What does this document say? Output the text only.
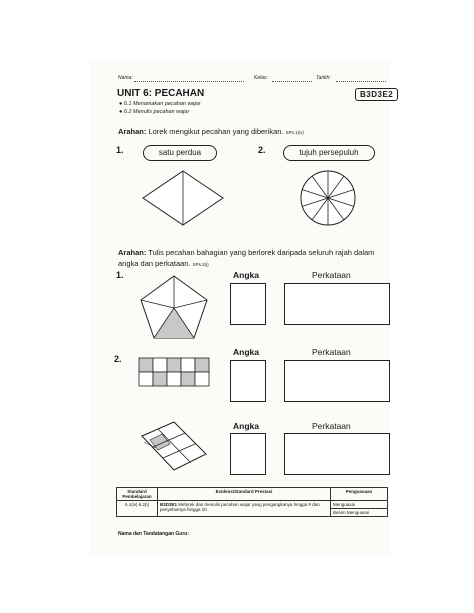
Nama:	Kelas:	Tarikh:
UNIT 6: PECAHAN	B3D3E2
● 6.1 Menamakan pecahan wajar
● 6.2 Menulis pecahan wajar
Arahan: Lorek mengikut pecahan yang diberikan. SPs.1(iv)
1.	satu perdua	2.	tujuh persepuluh
Arahan: Tulis pecahan bahagian yang berlorek daripada seluruh rajah dalam angka dan perkataan. SPs.2(i)
1.	Angka	Perkataan
2.
Angka	Perkataan
Angka	Perkataan
Standard Pembelajaran	Evidens/Standard Prestasi	Penguasaan
6.1(iv) 6.2(i)	B3D3E1 Meforek dan menulis pecahan wajar yang pengangkanya hingga 9 dan penyebutnya hingga 10	Menguasai
		Belum Menguasai
Nama dan Tandatangan Guru:
